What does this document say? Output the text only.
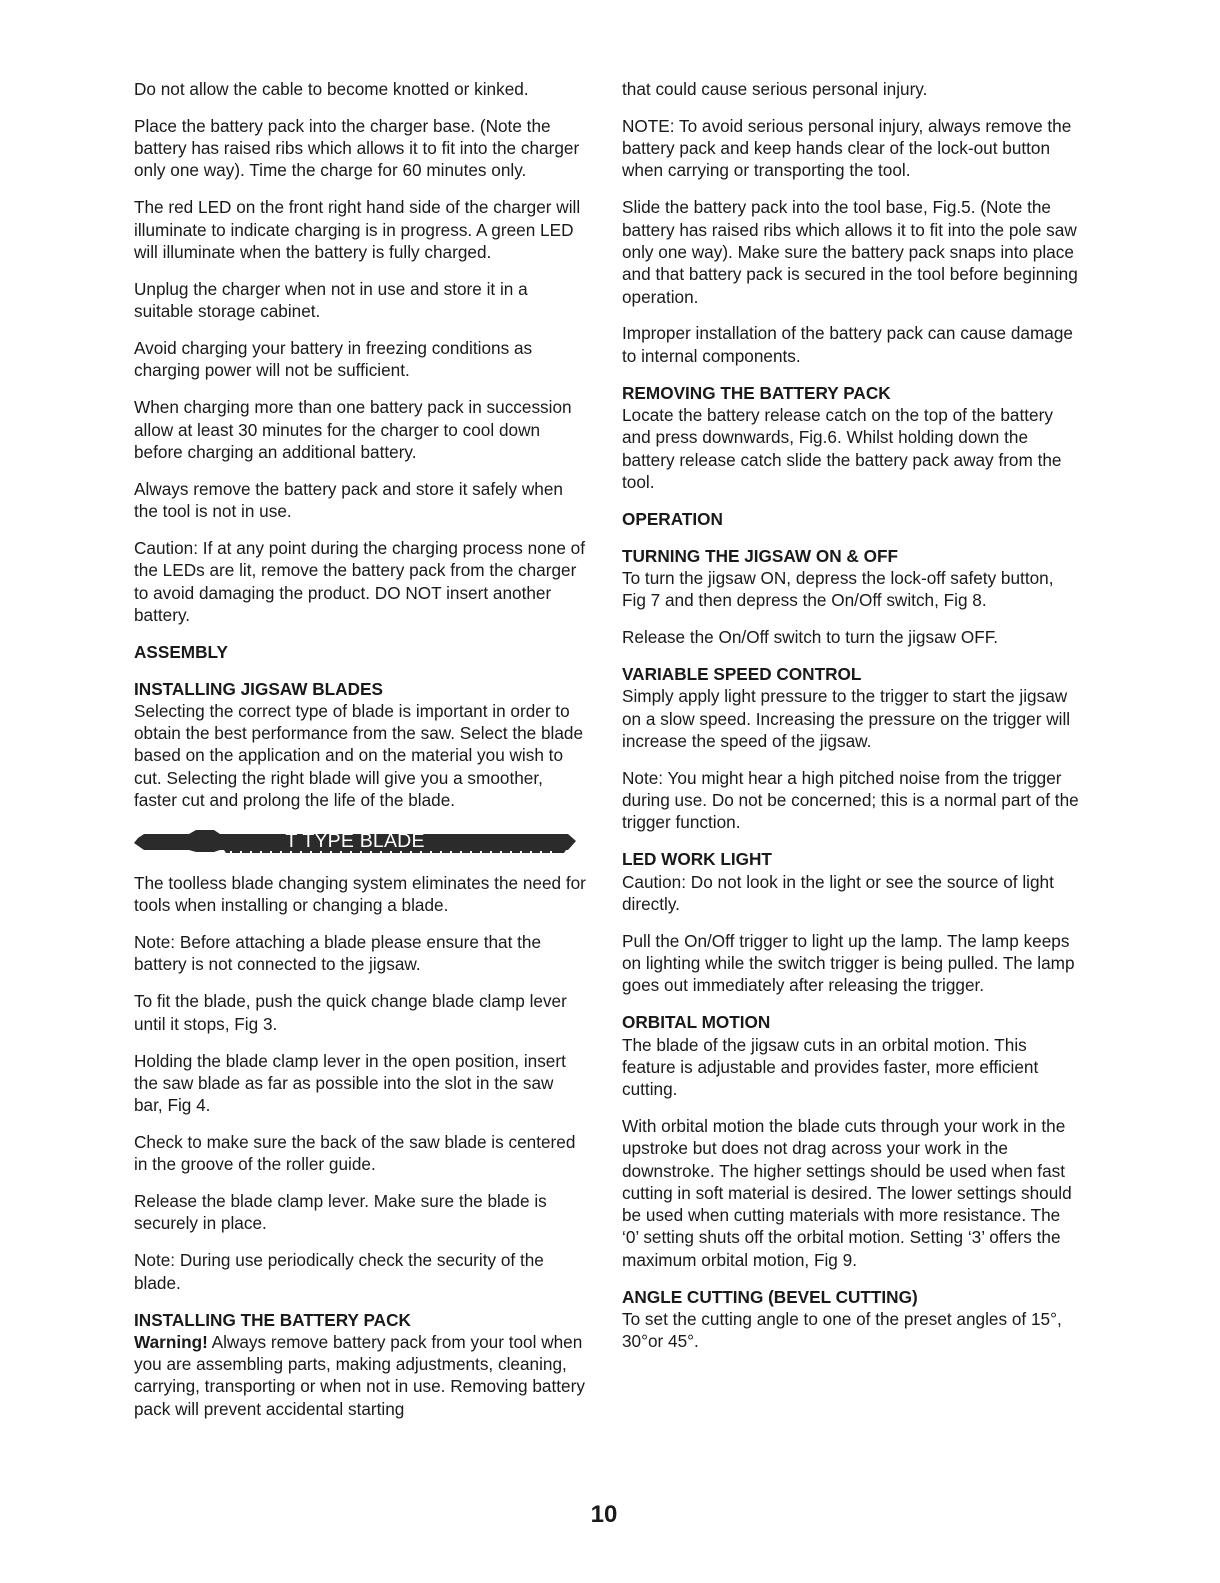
Do not allow the cable to become knotted or kinked.

Place the battery pack into the charger base. (Note the battery has raised ribs which allows it to fit into the charger only one way). Time the charge for 60 minutes only.

The red LED on the front right hand side of the charger will illuminate to indicate charging is in progress. A green LED will illuminate when the battery is fully charged.

Unplug the charger when not in use and store it in a suitable storage cabinet.

Avoid charging your battery in freezing conditions as charging power will not be sufficient.

When charging more than one battery pack in succession allow at least 30 minutes for the charger to cool down before charging an additional battery.

Always remove the battery pack and store it safely when the tool is not in use.

Caution: If at any point during the charging process none of the LEDs are lit, remove the battery pack from the charger to avoid damaging the product. DO NOT insert another battery.

ASSEMBLY
INSTALLING JIGSAW BLADES

Selecting the correct type of blade is important in order to obtain the best performance from the saw. Select the blade based on the application and on the material you wish to cut. Selecting the right blade will give you a smoother, faster cut and prolong the life of the blade.

T TYPE BLADE

The toolless blade changing system eliminates the need for tools when installing or changing a blade.

Note: Before attaching a blade please ensure that the battery is not connected to the jigsaw.

To fit the blade, push the quick change blade clamp lever until it stops, Fig 3.

Holding the blade clamp lever in the open position, insert the saw blade as far as possible into the slot in the saw bar, Fig 4.

Check to make sure the back of the saw blade is centered in the groove of the roller guide.

Release the blade clamp lever. Make sure the blade is securely in place.

Note: During use periodically check the security of the blade.

INSTALLING THE BATTERY PACK

Warning! Always remove battery pack from your tool when you are assembling parts, making adjustments, cleaning, carrying, transporting or when not in use. Removing battery pack will prevent accidental starting

that could cause serious personal injury.

NOTE: To avoid serious personal injury, always remove the battery pack and keep hands clear of the lock-out button when carrying or transporting the tool.

Slide the battery pack into the tool base, Fig.5. (Note the battery has raised ribs which allows it to fit into the pole saw only one way). Make sure the battery pack snaps into place and that battery pack is secured in the tool before beginning operation.

Improper installation of the battery pack can cause damage to internal components.

REMOVING THE BATTERY PACK

Locate the battery release catch on the top of the battery and press downwards, Fig.6. Whilst holding down the battery release catch slide the battery pack away from the tool.

OPERATION
TURNING THE JIGSAW ON & OFF

To turn the jigsaw ON, depress the lock-off safety button, Fig 7 and then depress the On/Off switch, Fig 8.

Release the On/Off switch to turn the jigsaw OFF.

VARIABLE SPEED CONTROL

Simply apply light pressure to the trigger to start the jigsaw on a slow speed. Increasing the pressure on the trigger will increase the speed of the jigsaw.

Note: You might hear a high pitched noise from the trigger during use. Do not be concerned; this is a normal part of the trigger function.

LED WORK LIGHT

Caution: Do not look in the light or see the source of light directly.

Pull the On/Off trigger to light up the lamp. The lamp keeps on lighting while the switch trigger is being pulled. The lamp goes out immediately after releasing the trigger.

ORBITAL MOTION

The blade of the jigsaw cuts in an orbital motion. This feature is adjustable and provides faster, more efficient cutting.

With orbital motion the blade cuts through your work in the upstroke but does not drag across your work in the downstroke. The higher settings should be used when fast cutting in soft material is desired. The lower settings should be used when cutting materials with more resistance. The ‘0’ setting shuts off the orbital motion. Setting ‘3’ offers the maximum orbital motion, Fig 9.

ANGLE CUTTING (BEVEL CUTTING)

To set the cutting angle to one of the preset angles of 15°, 30°or 45°.

10
